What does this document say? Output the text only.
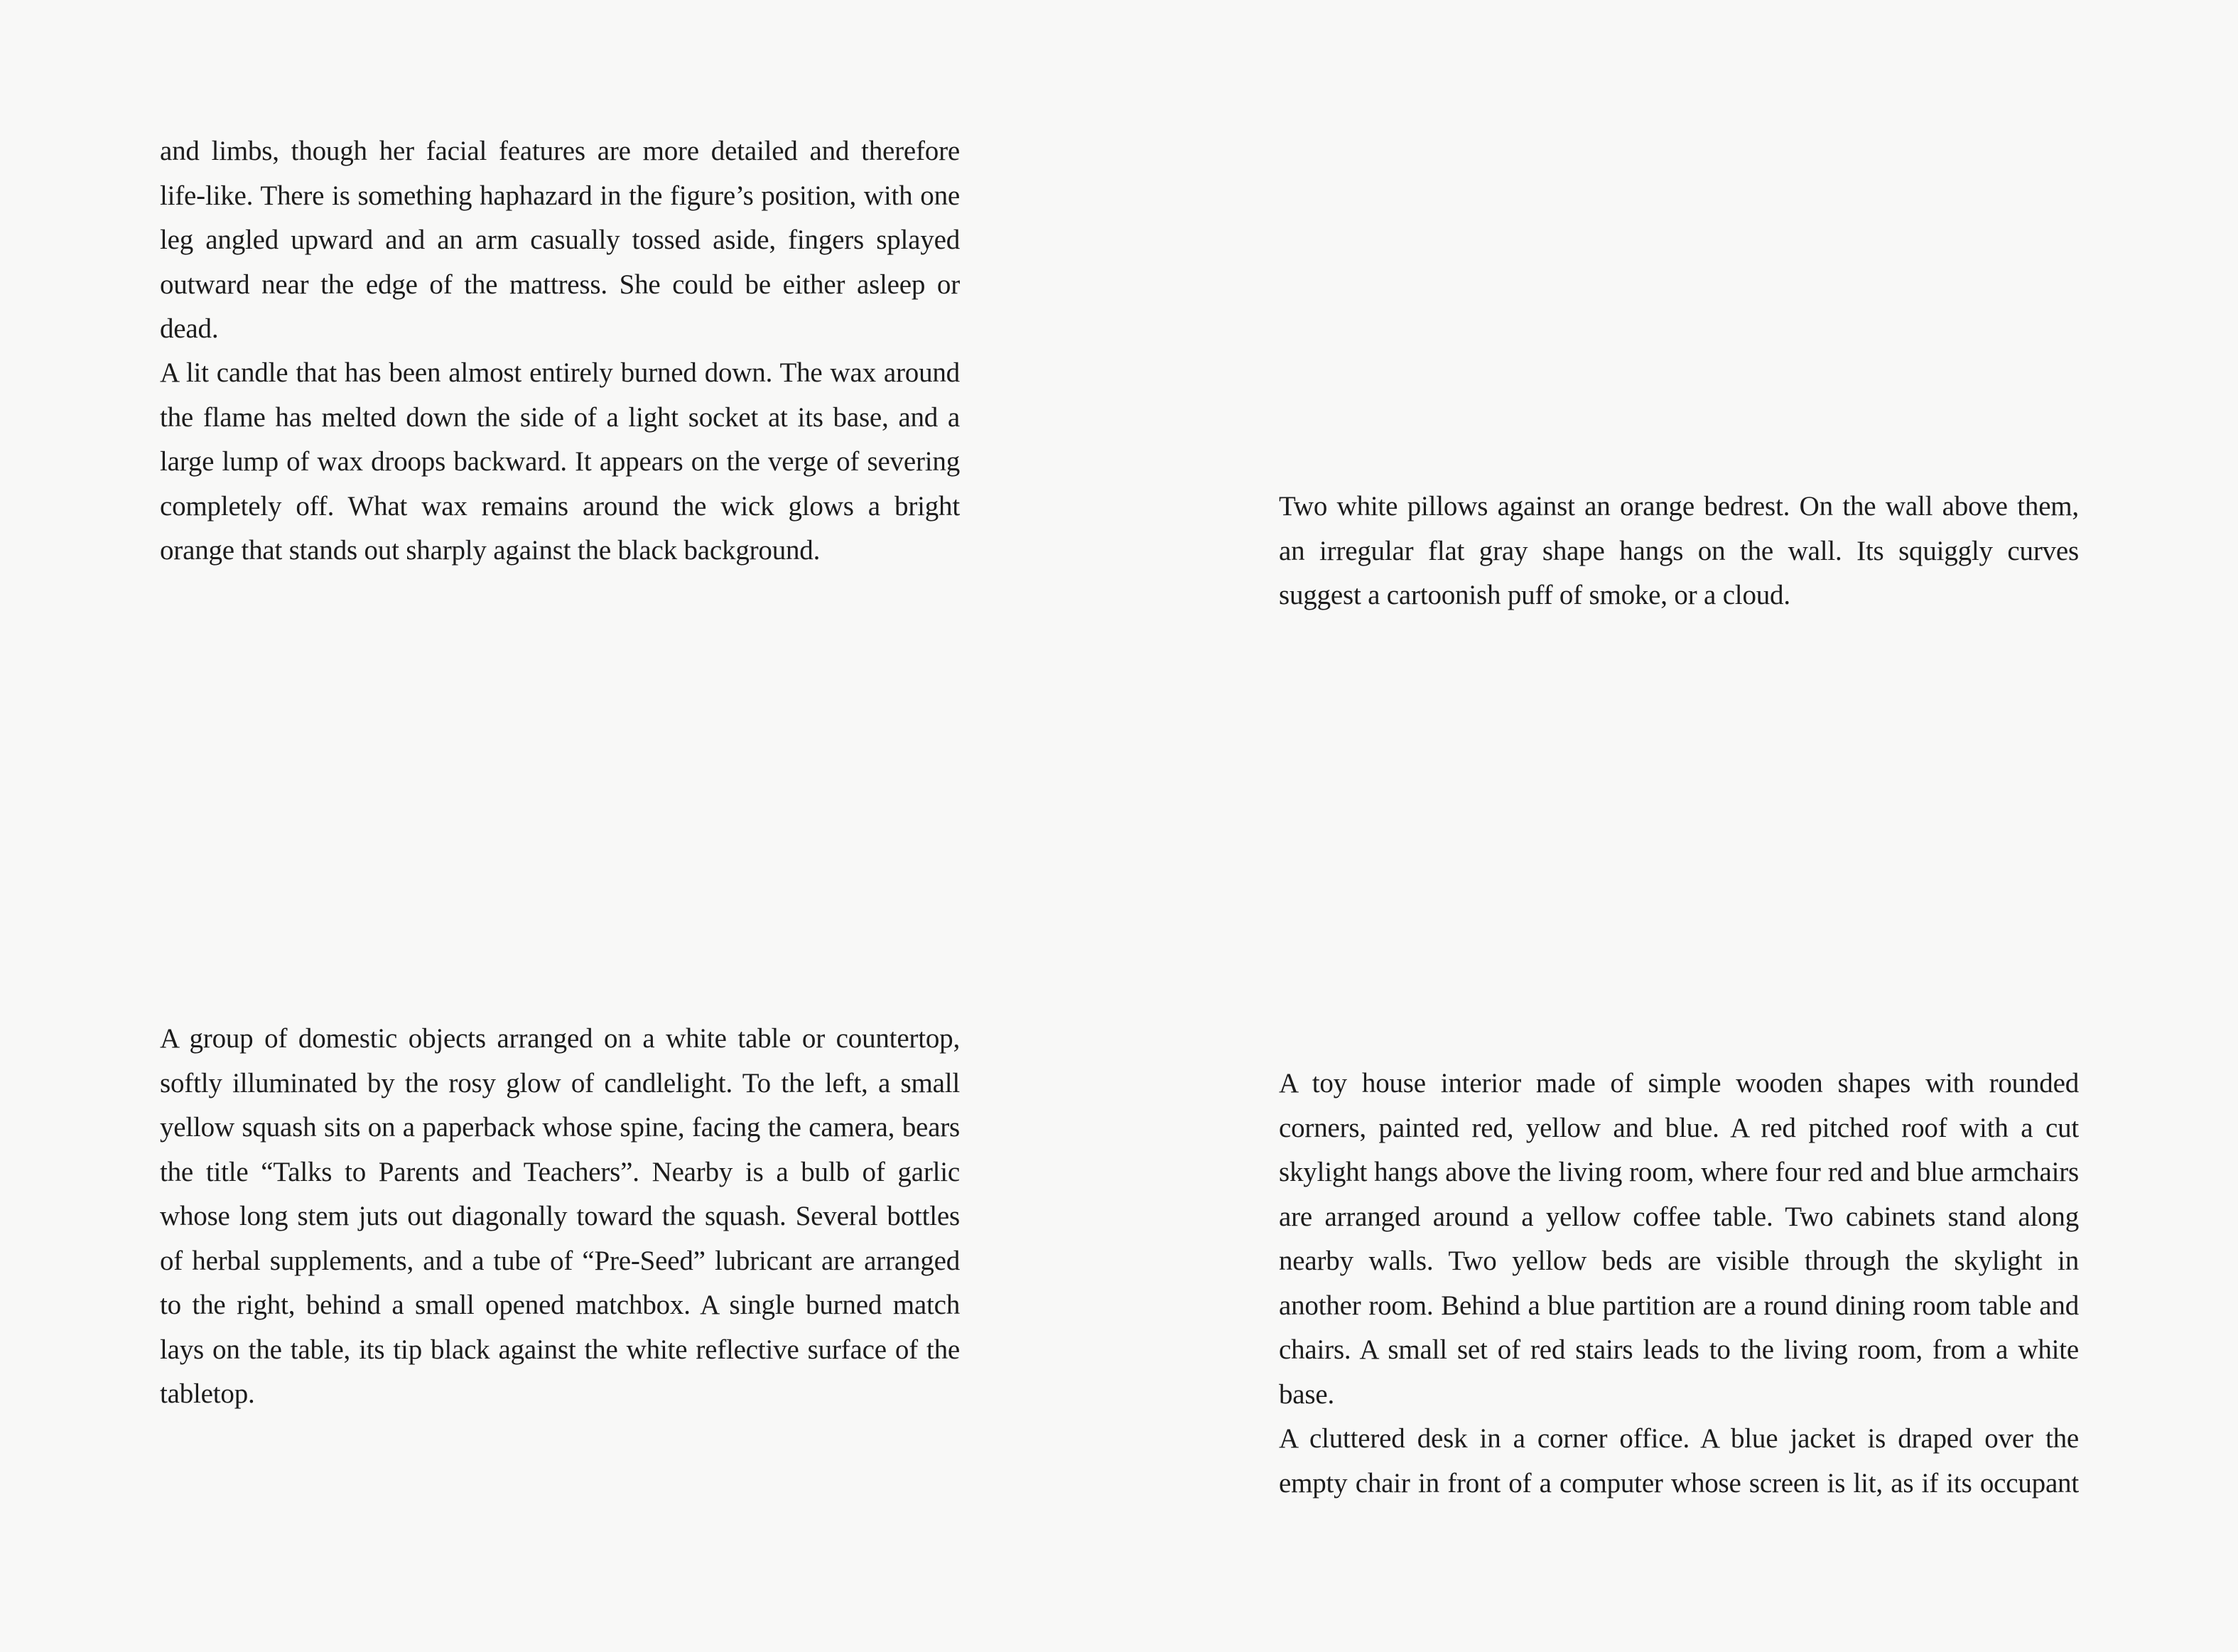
and limbs, though her facial features are more detailed and therefore life-like. There is something haphazard in the figure’s position, with one leg angled upward and an arm casually tossed aside, fingers splayed outward near the edge of the mattress. She could be either asleep or dead.

A lit candle that has been almost entirely burned down. The wax around the flame has melted down the side of a light socket at its base, and a large lump of wax droops backward. It appears on the verge of severing completely off. What wax remains around the wick glows a bright orange that stands out sharply against the black background.

A group of domestic objects arranged on a white table or countertop, softly illuminated by the rosy glow of candlelight. To the left, a small yellow squash sits on a paperback whose spine, facing the camera, bears the title “Talks to Parents and Teachers”. Nearby is a bulb of garlic whose long stem juts out diagonally toward the squash. Several bottles of herbal supplements, and a tube of “Pre-Seed” lubricant are arranged to the right, behind a small opened matchbox. A single burned match lays on the table, its tip black against the white reflective surface of the tabletop.

Two white pillows against an orange bedrest. On the wall above them, an irregular flat gray shape hangs on the wall. Its squiggly curves suggest a cartoonish puff of smoke, or a cloud.

A toy house interior made of simple wooden shapes with rounded corners, painted red, yellow and blue. A red pitched roof with a cut skylight hangs above the living room, where four red and blue armchairs are arranged around a yellow coffee table. Two cabinets stand along nearby walls. Two yellow beds are visible through the skylight in another room. Behind a blue partition are a round dining room table and chairs. A small set of red stairs leads to the living room, from a white base.

A cluttered desk in a corner office. A blue jacket is draped over the empty chair in front of a computer whose screen is lit, as if its occupant
